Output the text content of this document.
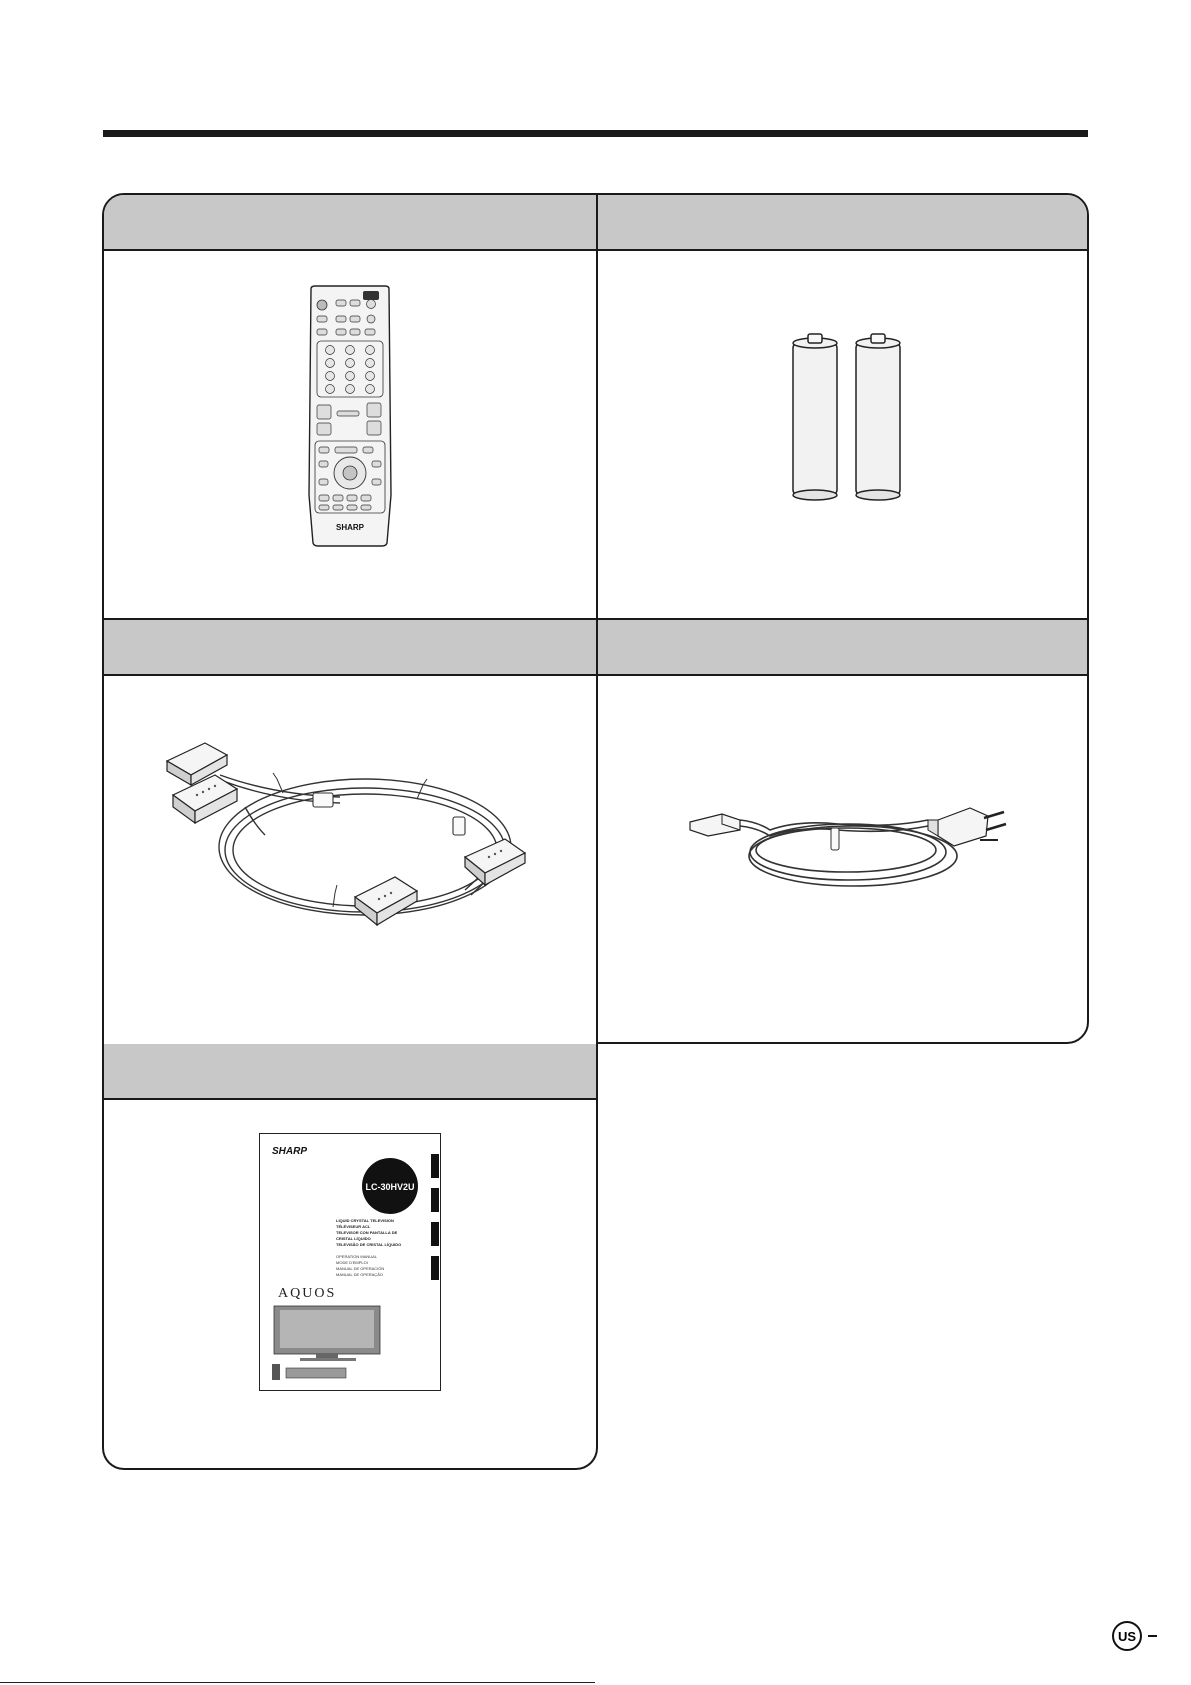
SHARP
SHARP
LC-30HV2U
LIQUID CRYSTAL TELEVISION
TÉLÉVISEUR ACL
TELEVISOR CON PANTALLA DE
CRISTAL LÍQUIDO
TELEVISÃO DE CRISTAL LÍQUIDO
OPERATION MANUAL
MODE D'EMPLOI
MANUAL DE OPERACIÓN
MANUAL DE OPERAÇÃO
AQUOS
US
